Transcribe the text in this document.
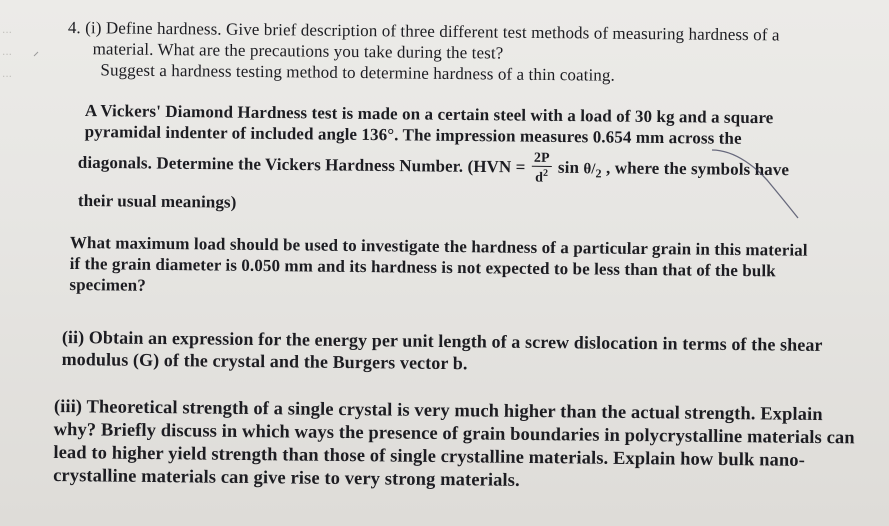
...
...
...
4. (i) Define hardness. Give brief description of three different test methods of measuring hardness of a
material. What are the precautions you take during the test?
Suggest a hardness testing method to determine hardness of a thin coating.
A Vickers' Diamond Hardness test is made on a certain steel with a load of 30 kg and a square
pyramidal indenter of included angle 136°. The impression measures 0.654 mm across the
diagonals. Determine the Vickers Hardness Number. ($HVN = \frac{2P}{d^2}$ $\sin \theta/_2$ , where the symbols have
their usual meanings)
What maximum load should be used to investigate the hardness of a particular grain in this material
if the grain diameter is 0.050 mm and its hardness is not expected to be less than that of the bulk
specimen?
(ii) Obtain an expression for the energy per unit length of a screw dislocation in terms of the shear
modulus (G) of the crystal and the Burgers vector b.
(iii) Theoretical strength of a single crystal is very much higher than the actual strength. Explain
why? Briefly discuss in which ways the presence of grain boundaries in polycrystalline materials can
lead to higher yield strength than those of single crystalline materials. Explain how bulk nano-
crystalline materials can give rise to very strong materials.
